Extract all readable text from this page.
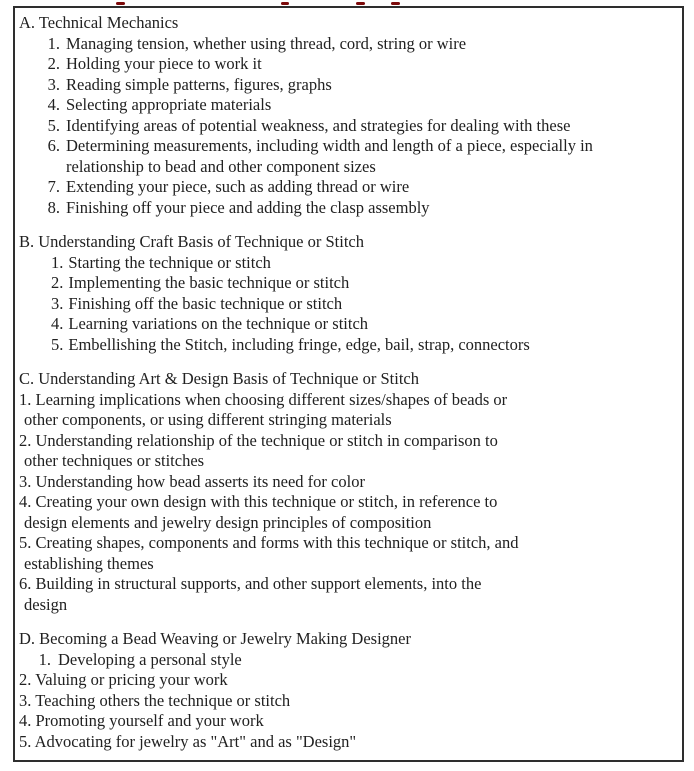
A. Technical Mechanics
1. Managing tension, whether using thread, cord, string or wire
2. Holding your piece to work it
3. Reading simple patterns, figures, graphs
4. Selecting appropriate materials
5. Identifying areas of potential weakness, and strategies for dealing with these
6. Determining measurements, including width and length of a piece, especially in
relationship to bead and other component sizes
7. Extending your piece, such as adding thread or wire
8. Finishing off your piece and adding the clasp assembly
B. Understanding Craft Basis of Technique or Stitch
1. Starting the technique or stitch
2. Implementing the basic technique or stitch
3. Finishing off the basic technique or stitch
4. Learning variations on the technique or stitch
5. Embellishing the Stitch, including fringe, edge, bail, strap, connectors
C. Understanding Art & Design Basis of Technique or Stitch
1. Learning implications when choosing different sizes/shapes of beads or
other components, or using different stringing materials
2. Understanding relationship of the technique or stitch in comparison to
other techniques or stitches
3. Understanding how bead asserts its need for color
4. Creating your own design with this technique or stitch, in reference to
design elements and jewelry design principles of composition
5. Creating shapes, components and forms with this technique or stitch, and
establishing themes
6. Building in structural supports, and other support elements, into the
design
D. Becoming a Bead Weaving or Jewelry Making Designer
1. Developing a personal style
2. Valuing or pricing your work
3. Teaching others the technique or stitch
4. Promoting yourself and your work
5. Advocating for jewelry as "Art" and as "Design"
